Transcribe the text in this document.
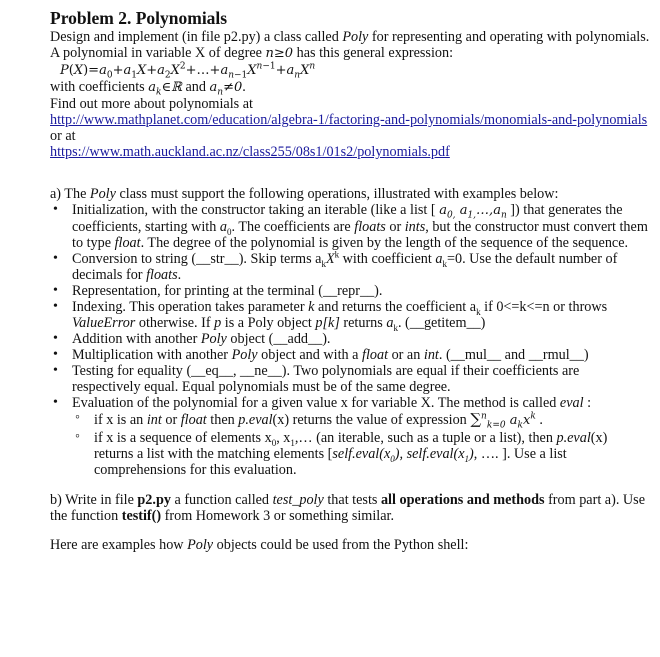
Problem 2. Polynomials

Design and implement (in file p2.py) a class called Poly for representing and operating with polynomials.

A polynomial in variable X of degree n≥0 has this general expression:

$P(X)=a_0+a_1X+a_2X^2+\dots+a_{n-1}X^{n-1}+a_nX^n$

with coefficients $a_k\in ℝ$ and $a_n\ne 0$.

Find out more about polynomials at

http://www.mathplanet.com/education/algebra-1/factoring-and-polynomials/monomials-and-polynomials

or at

https://www.math.auckland.ac.nz/class255/08s1/01s2/polynomials.pdf

a) The Poly class must support the following operations, illustrated with examples below:

• Initialization, with the constructor taking an iterable (like a list [ $a_{0,}$ $a_{1,}\dots,a_n$ ]) that generates the coefficients, starting with $a_0$. The coefficients are floats or ints, but the constructor must convert them to type float. The degree of the polynomial is given by the length of the sequence of the sequence.
• Conversion to string (__str__). Skip terms $a_kX^k$ with coefficient $a_k=0$. Use the default number of decimals for floats.
• Representation, for printing at the terminal (__repr__).
• Indexing. This operation takes parameter k and returns the coefficient $a_k$ if 0<=k<=n or throws ValueError otherwise. If p is a Poly object p[k] returns $a_k$. (__getitem__)
• Addition with another Poly object (__add__).
• Multiplication with another Poly object and with a float or an int. (__mul__ and __rmul__)
• Testing for equality (__eq__, __ne__). Two polynomials are equal if their coefficients are respectively equal. Equal polynomials must be of the same degree.
• Evaluation of the polynomial for a given value x for variable X. The method is called eval :
◦ if x is an int or float then p.eval(x) returns the value of expression ∑$^n_{k=0}$ $a_kx^k$ .
◦ if x is a sequence of elements $x_0$, $x_1,\dots$ (an iterable, such as a tuple or a list), then p.eval(x) returns a list with the matching elements [$self.eval(x_0)$, $self.eval(x_1)$, …. ]. Use a list comprehensions for this evaluation.

b) Write in file p2.py a function called test_poly that tests all operations and methods from part a). Use the function testif() from Homework 3 or something similar.

Here are examples how Poly objects could be used from the Python shell:
